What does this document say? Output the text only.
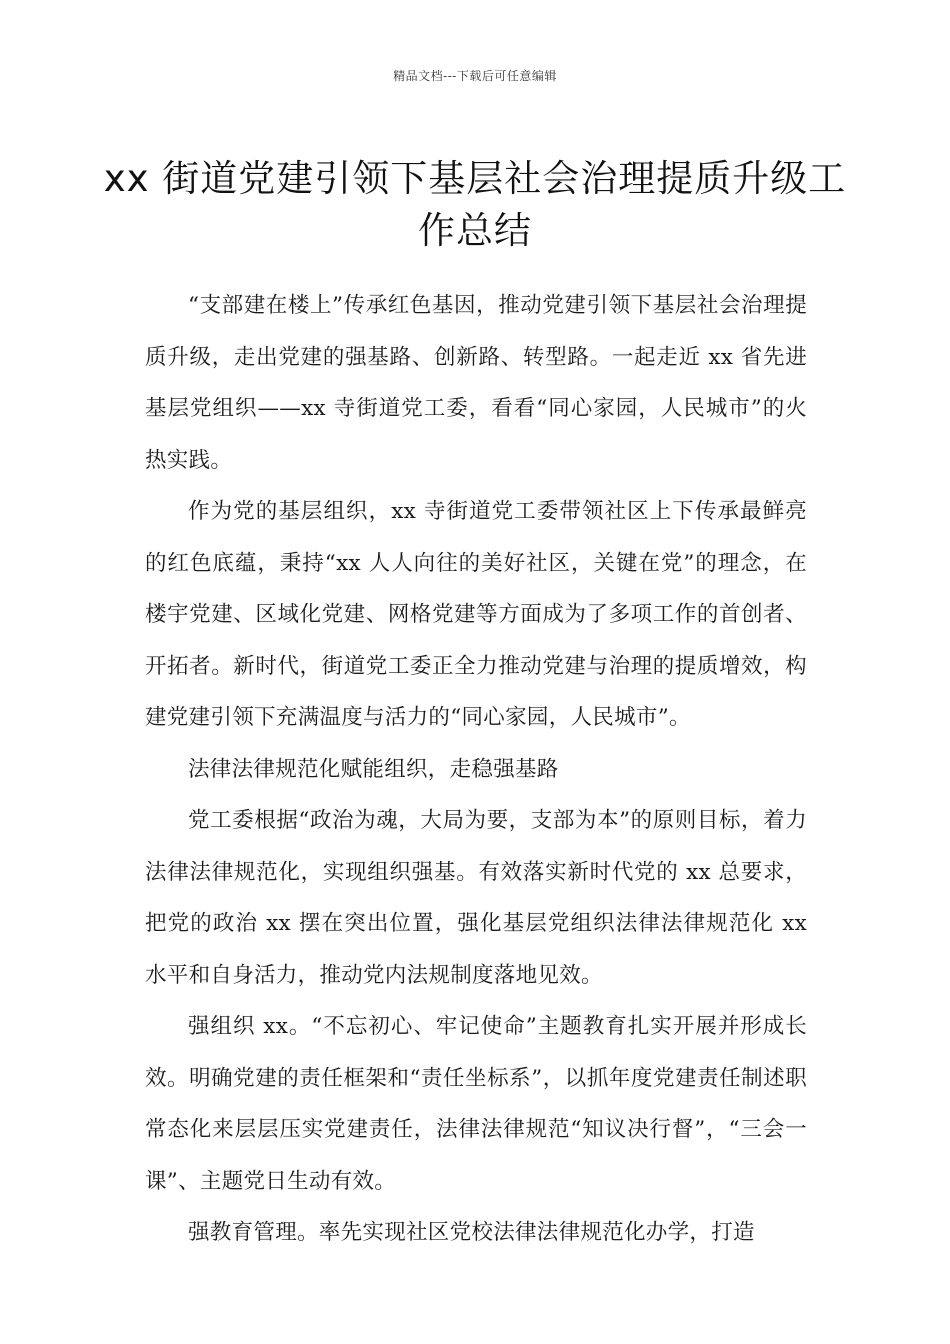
精品文档---下载后可任意编辑
xx 街道党建引领下基层社会治理提质升级工作总结

“支部建在楼上”传承红色基因，推动党建引领下基层社会治理提质升级，走出党建的强基路、创新路、转型路。一起走近 xx 省先进基层党组织——xx 寺街道党工委，看看“同心家园，人民城市”的火热实践。

作为党的基层组织，xx 寺街道党工委带领社区上下传承最鲜亮的红色底蕴，秉持“xx 人人向往的美好社区，关键在党”的理念，在楼宇党建、区域化党建、网格党建等方面成为了多项工作的首创者、开拓者。新时代，街道党工委正全力推动党建与治理的提质增效，构建党建引领下充满温度与活力的“同心家园，人民城市”。

法律法律规范化赋能组织，走稳强基路

党工委根据“政治为魂，大局为要，支部为本”的原则目标，着力法律法律规范化，实现组织强基。有效落实新时代党的 xx 总要求，把党的政治 xx 摆在突出位置，强化基层党组织法律法律规范化 xx 水平和自身活力，推动党内法规制度落地见效。

强组织 xx。“不忘初心、牢记使命”主题教育扎实开展并形成长效。明确党建的责任框架和“责任坐标系”，以抓年度党建责任制述职常态化来层层压实党建责任，法律法律规范“知议决行督”，“三会一课”、主题党日生动有效。

强教育管理。率先实现社区党校法律法律规范化办学，打造
